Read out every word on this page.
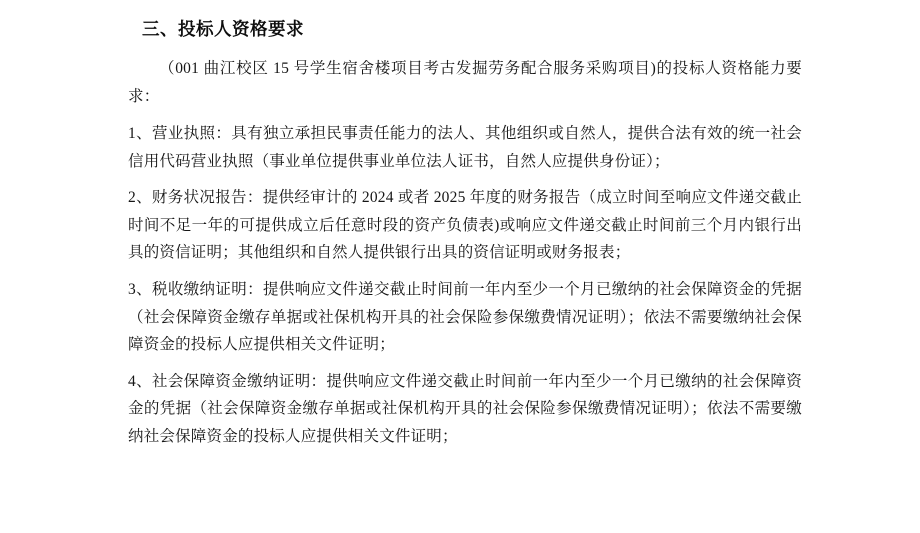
三、投标人资格要求

（001 曲江校区 15 号学生宿舍楼项目考古发掘劳务配合服务采购项目)的投标人资格能力要求：

1、营业执照：具有独立承担民事责任能力的法人、其他组织或自然人，提供合法有效的统一社会信用代码营业执照（事业单位提供事业单位法人证书，自然人应提供身份证）；

2、财务状况报告：提供经审计的 2024 或者 2025 年度的财务报告（成立时间至响应文件递交截止时间不足一年的可提供成立后任意时段的资产负债表)或响应文件递交截止时间前三个月内银行出具的资信证明；其他组织和自然人提供银行出具的资信证明或财务报表；

3、税收缴纳证明：提供响应文件递交截止时间前一年内至少一个月已缴纳的社会保障资金的凭据（社会保障资金缴存单据或社保机构开具的社会保险参保缴费情况证明）；依法不需要缴纳社会保障资金的投标人应提供相关文件证明；

4、社会保障资金缴纳证明：提供响应文件递交截止时间前一年内至少一个月已缴纳的社会保障资金的凭据（社会保障资金缴存单据或社保机构开具的社会保险参保缴费情况证明）；依法不需要缴纳社会保障资金的投标人应提供相关文件证明；
